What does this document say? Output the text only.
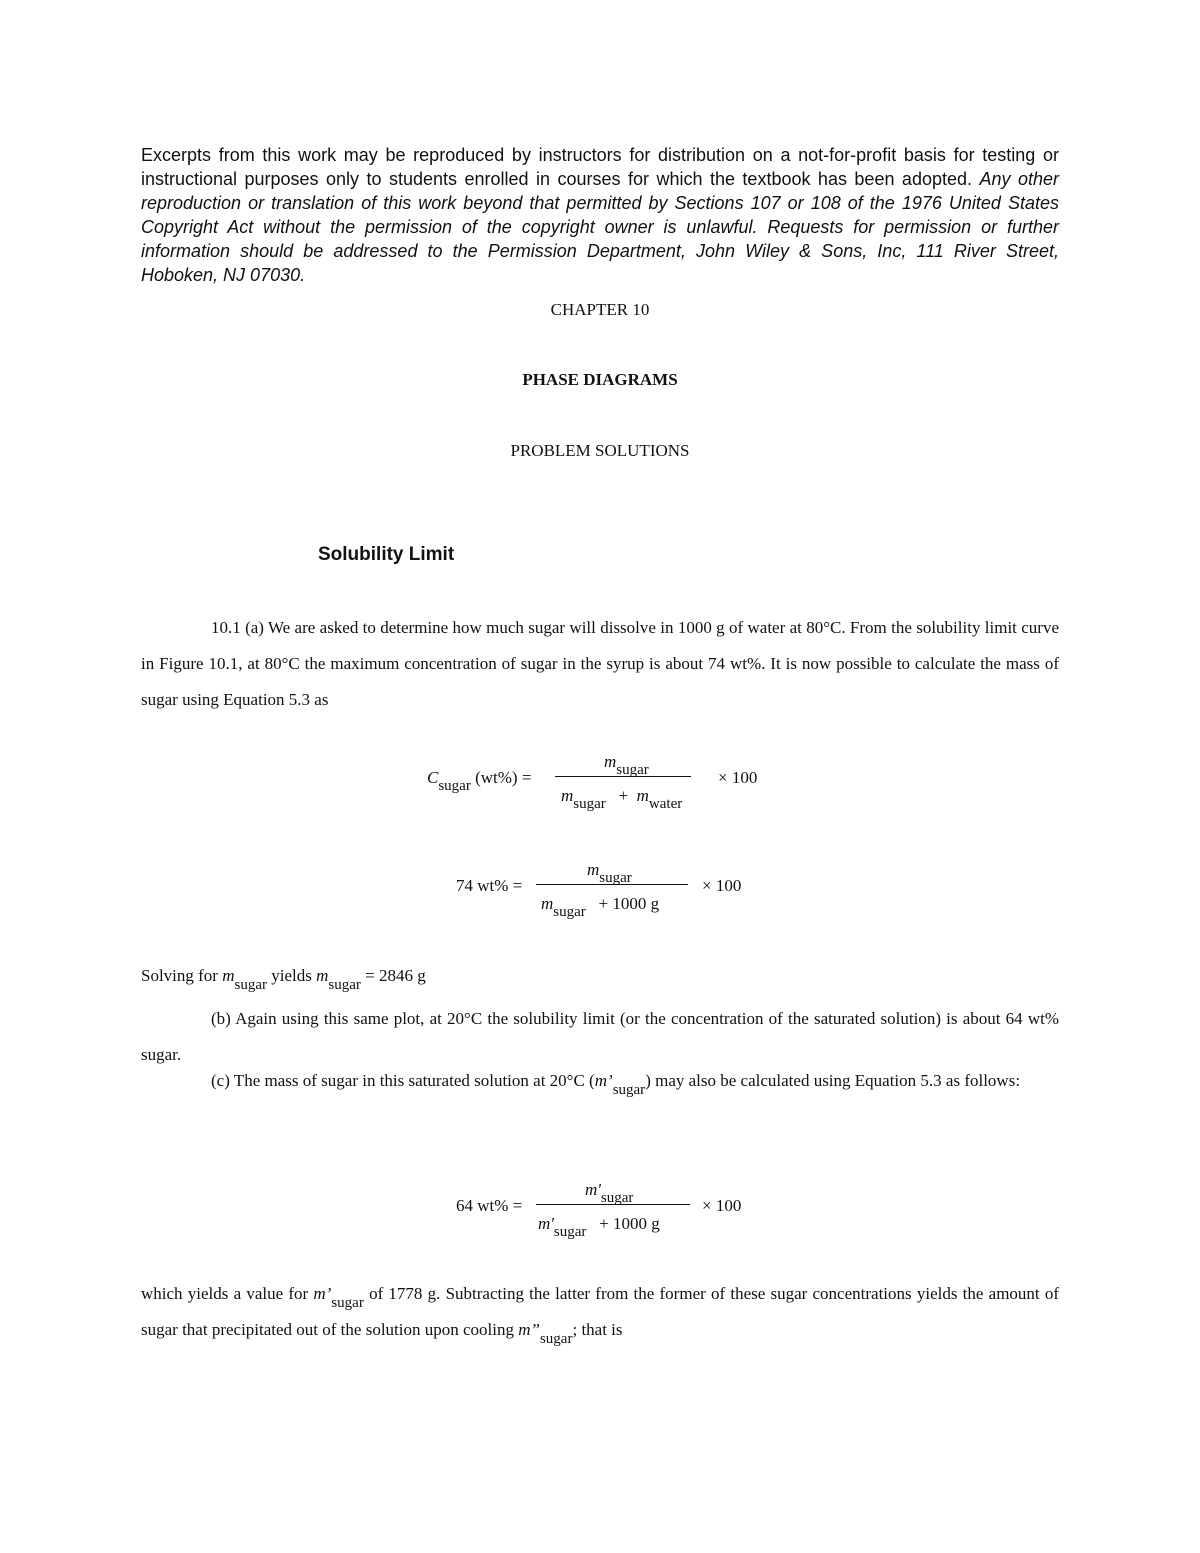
Excerpts from this work may be reproduced by instructors for distribution on a not-for-profit basis for testing or instructional purposes only to students enrolled in courses for which the textbook has been adopted. Any other reproduction or translation of this work beyond that permitted by Sections 107 or 108 of the 1976 United States Copyright Act without the permission of the copyright owner is unlawful. Requests for permission or further information should be addressed to the Permission Department, John Wiley & Sons, Inc, 111 River Street, Hoboken, NJ 07030.
CHAPTER 10
PHASE DIAGRAMS
PROBLEM SOLUTIONS
Solubility Limit
10.1 (a) We are asked to determine how much sugar will dissolve in 1000 g of water at 80°C. From the solubility limit curve in Figure 10.1, at 80°C the maximum concentration of sugar in the syrup is about 74 wt%. It is now possible to calculate the mass of sugar using Equation 5.3 as
$C_{sugar}$ (wt%) =
$m_{sugar}$
$m_{sugar} + m_{water}$
× 100
74 wt% =
$m_{sugar}$
$m_{sugar} + 1000$ g
× 100
Solving for $m_{sugar}$ yields $m_{sugar} = 2846$ g
(b) Again using this same plot, at 20°C the solubility limit (or the concentration of the saturated solution) is about 64 wt% sugar.
(c) The mass of sugar in this saturated solution at 20°C $(m’_{sugar})$ may also be calculated using Equation 5.3 as follows:
64 wt% =
$m'_{sugar}$
$m'_{sugar} + 1000$ g
× 100
which yields a value for $m’_{sugar}$ of 1778 g. Subtracting the latter from the former of these sugar concentrations yields the amount of sugar that precipitated out of the solution upon cooling $m”_{sugar}$; that is
